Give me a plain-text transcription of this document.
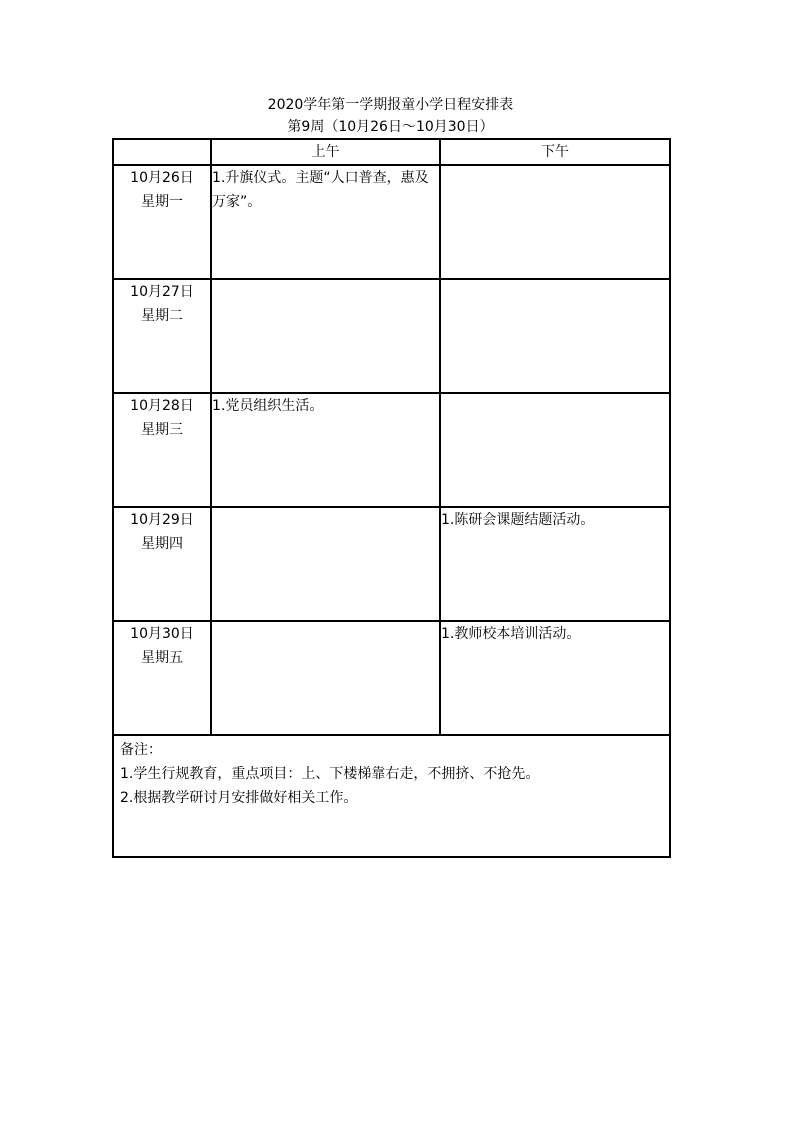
2020学年第一学期报童小学日程安排表
第9周（10月26日～10月30日）
	上午	下午

10月26日
星期一	1.升旗仪式。主题“人口普查，惠及万家”。	

10月27日
星期二		

10月28日
星期三	1.党员组织生活。	

10月29日
星期四		1.陈研会课题结题活动。

10月30日
星期五		1.教师校本培训活动。

备注：
1.学生行规教育，重点项目：上、下楼梯靠右走，不拥挤、不抢先。
2.根据教学研讨月安排做好相关工作。		
